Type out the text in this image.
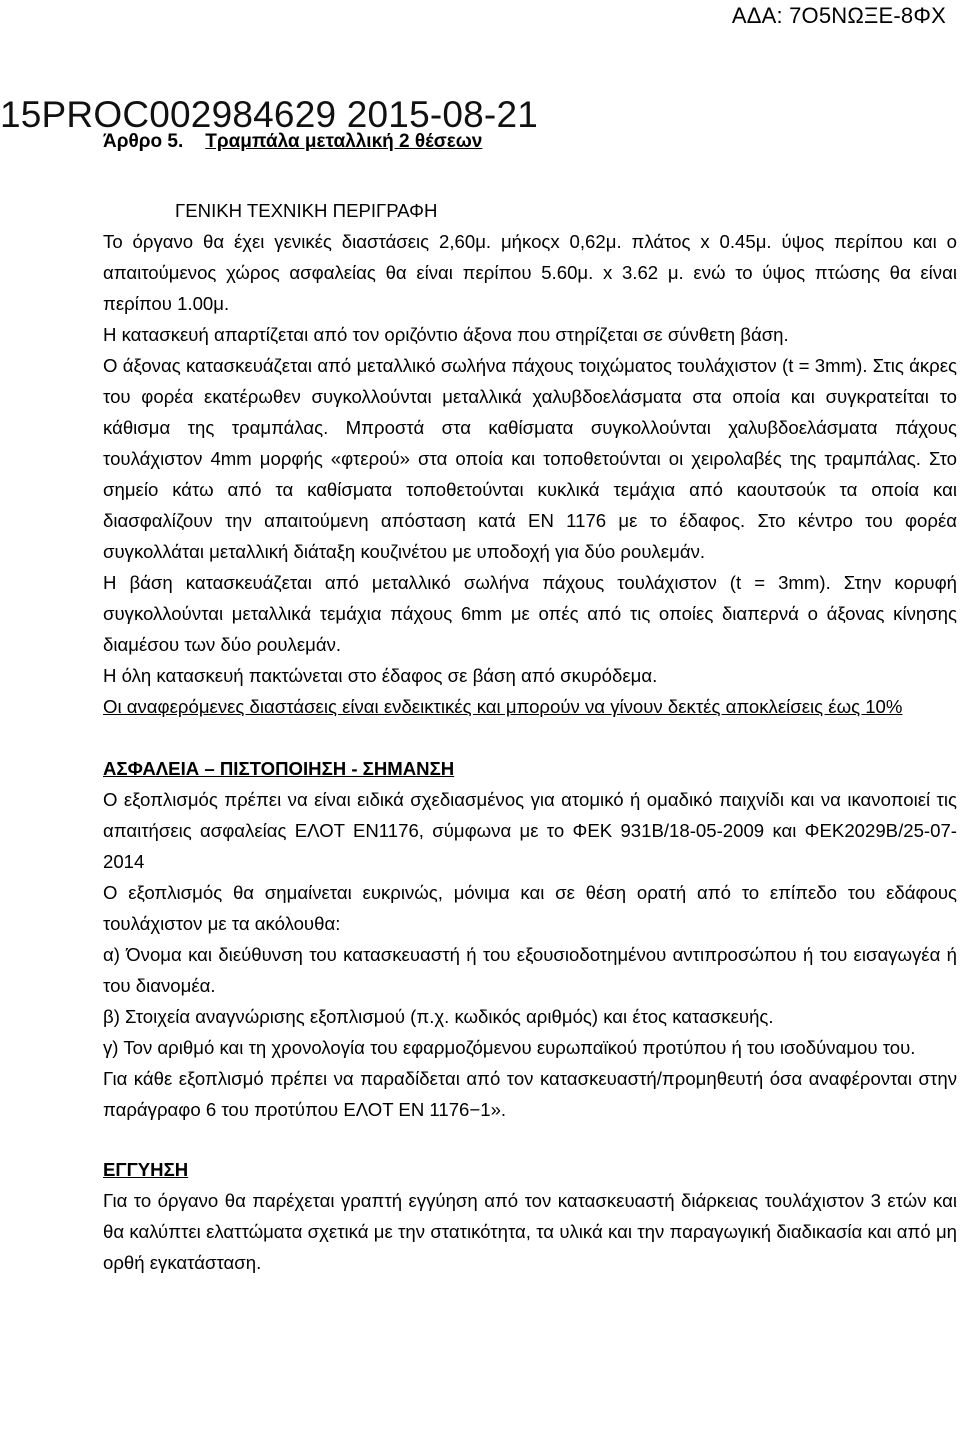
ΑΔΑ: 7Ο5ΝΩΞΕ-8ΦΧ
15PROC002984629 2015-08-21
Άρθρο 5. Τραμπάλα μεταλλική 2 θέσεων

ΓΕΝΙΚΗ ΤΕΧΝΙΚΗ ΠΕΡΙΓΡΑΦΗ

Το όργανο θα έχει γενικές διαστάσεις 2,60μ. μήκοςx 0,62μ. πλάτος x 0.45μ. ύψος περίπου και ο απαιτούμενος χώρος ασφαλείας θα είναι περίπου 5.60μ. x 3.62 μ. ενώ το ύψος πτώσης θα είναι περίπου 1.00μ.

Η κατασκευή απαρτίζεται από τον οριζόντιο άξονα που στηρίζεται σε σύνθετη βάση.

Ο άξονας κατασκευάζεται από μεταλλικό σωλήνα πάχους τοιχώματος τουλάχιστον (t = 3mm). Στις άκρες του φορέα εκατέρωθεν συγκολλούνται μεταλλικά χαλυβδοελάσματα στα οποία και συγκρατείται το κάθισμα της τραμπάλας. Μπροστά στα καθίσματα συγκολλούνται χαλυβδοελάσματα πάχους τουλάχιστον 4mm μορφής «φτερού» στα οποία και τοποθετούνται οι χειρολαβές της τραμπάλας. Στο σημείο κάτω από τα καθίσματα τοποθετούνται κυκλικά τεμάχια από καουτσούκ τα οποία και διασφαλίζουν την απαιτούμενη απόσταση κατά ΕΝ 1176 με το έδαφος. Στο κέντρο του φορέα συγκολλάται μεταλλική διάταξη κουζινέτου με υποδοχή για δύο ρουλεμάν.

Η βάση κατασκευάζεται από μεταλλικό σωλήνα πάχους τουλάχιστον (t = 3mm). Στην κορυφή συγκολλούνται μεταλλικά τεμάχια πάχους 6mm με οπές από τις οποίες διαπερνά ο άξονας κίνησης διαμέσου των δύο ρουλεμάν.

Η όλη κατασκευή πακτώνεται στο έδαφος σε βάση από σκυρόδεμα.

Οι αναφερόμενες διαστάσεις είναι ενδεικτικές και μπορούν να γίνουν δεκτές αποκλείσεις έως 10%

ΑΣΦΑΛΕΙΑ – ΠΙΣΤΟΠΟΙΗΣΗ - ΣΗΜΑΝΣΗ

Ο εξοπλισμός πρέπει να είναι ειδικά σχεδιασμένος για ατομικό ή ομαδικό παιχνίδι και να ικανοποιεί τις απαιτήσεις ασφαλείας ΕΛΟΤ ΕΝ1176, σύμφωνα με το ΦΕΚ 931Β/18-05-2009 και ΦΕΚ2029Β/25-07-2014

Ο εξοπλισμός θα σημαίνεται ευκρινώς, μόνιμα και σε θέση ορατή από το επίπεδο του εδάφους τουλάχιστον με τα ακόλουθα:

α) Όνομα και διεύθυνση του κατασκευαστή ή του εξουσιοδοτημένου αντιπροσώπου ή του εισαγωγέα ή του διανομέα.

β) Στοιχεία αναγνώρισης εξοπλισμού (π.χ. κωδικός αριθμός) και έτος κατασκευής.

γ) Τον αριθμό και τη χρονολογία του εφαρμοζόμενου ευρωπαϊκού προτύπου ή του ισοδύναμου του.

Για κάθε εξοπλισμό πρέπει να παραδίδεται από τον κατασκευαστή/προμηθευτή όσα αναφέρονται στην παράγραφο 6 του προτύπου ΕΛΟΤ ΕΝ 1176−1».

ΕΓΓΥΗΣΗ

Για το όργανο θα παρέχεται γραπτή εγγύηση από τον κατασκευαστή διάρκειας τουλάχιστον 3 ετών και θα καλύπτει ελαττώματα σχετικά με την στατικότητα, τα υλικά και την παραγωγική διαδικασία και από μη ορθή εγκατάσταση.
